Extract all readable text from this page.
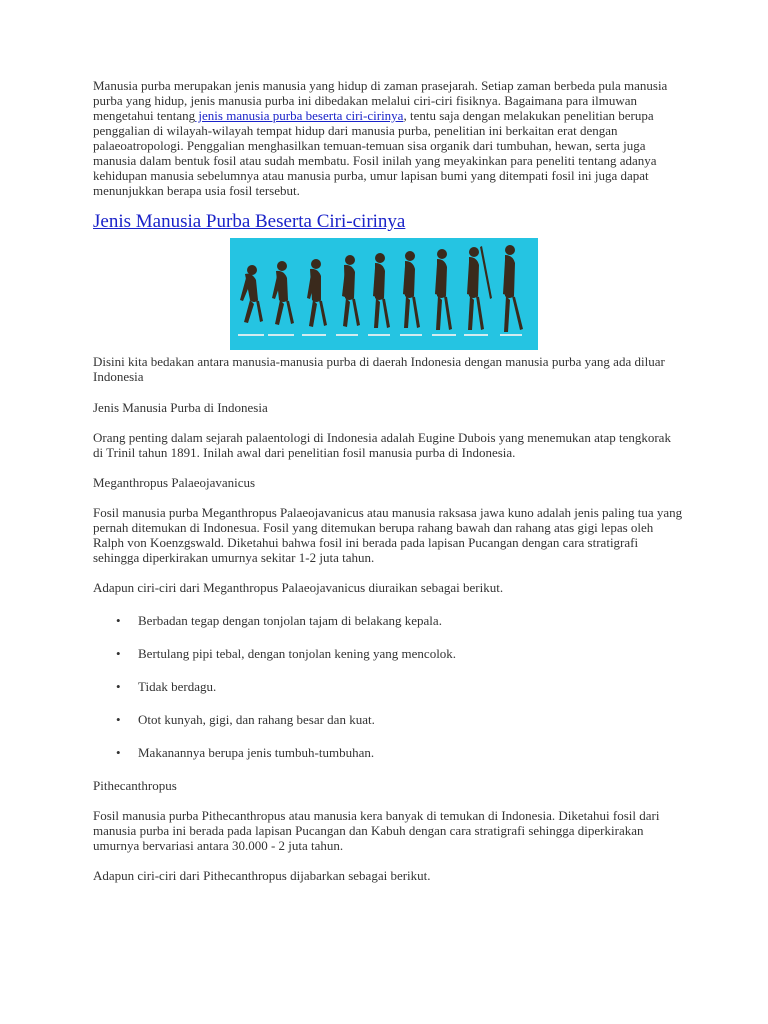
Manusia purba merupakan jenis manusia yang hidup di zaman prasejarah. Setiap zaman berbeda pula manusia purba yang hidup, jenis manusia purba ini dibedakan melalui ciri-ciri fisiknya. Bagaimana para ilmuwan mengetahui tentang jenis manusia purba beserta ciri-cirinya, tentu saja dengan melakukan penelitian berupa penggalian di wilayah-wilayah tempat hidup dari manusia purba, penelitian ini berkaitan erat dengan palaeoatropologi. Penggalian menghasilkan temuan-temuan sisa organik dari tumbuhan, hewan, serta juga manusia dalam bentuk fosil atau sudah membatu. Fosil inilah yang meyakinkan para peneliti tentang adanya kehidupan manusia sebelumnya atau manusia purba, umur lapisan bumi yang ditempati fosil ini juga dapat menunjukkan berapa usia fosil tersebut.

Jenis Manusia Purba Beserta Ciri-cirinya

Disini kita bedakan antara manusia-manusia purba di daerah Indonesia dengan manusia purba yang ada diluar Indonesia

Jenis Manusia Purba di Indonesia

Orang penting dalam sejarah palaentologi di Indonesia adalah Eugine Dubois yang menemukan atap tengkorak di Trinil tahun 1891. Inilah awal dari penelitian fosil manusia purba di Indonesia.

Meganthropus Palaeojavanicus

Fosil manusia purba Meganthropus Palaeojavanicus atau manusia raksasa jawa kuno adalah jenis paling tua yang pernah ditemukan di Indonesua. Fosil yang ditemukan berupa rahang bawah dan rahang atas gigi lepas oleh Ralph von Koenzgswald. Diketahui bahwa fosil ini berada pada lapisan Pucangan dengan cara stratigrafi sehingga diperkirakan umurnya sekitar 1-2 juta tahun.

Adapun ciri-ciri dari Meganthropus Palaeojavanicus diuraikan sebagai berikut.

• Berbadan tegap dengan tonjolan tajam di belakang kepala.
• Bertulang pipi tebal, dengan tonjolan kening yang mencolok.
• Tidak berdagu.
• Otot kunyah, gigi, dan rahang besar dan kuat.
• Makanannya berupa jenis tumbuh-tumbuhan.

Pithecanthropus

Fosil manusia purba Pithecanthropus atau manusia kera banyak di temukan di Indonesia. Diketahui fosil dari manusia purba ini berada pada lapisan Pucangan dan Kabuh dengan cara stratigrafi sehingga diperkirakan umurnya bervariasi antara 30.000 - 2 juta tahun.

Adapun ciri-ciri dari Pithecanthropus dijabarkan sebagai berikut.
